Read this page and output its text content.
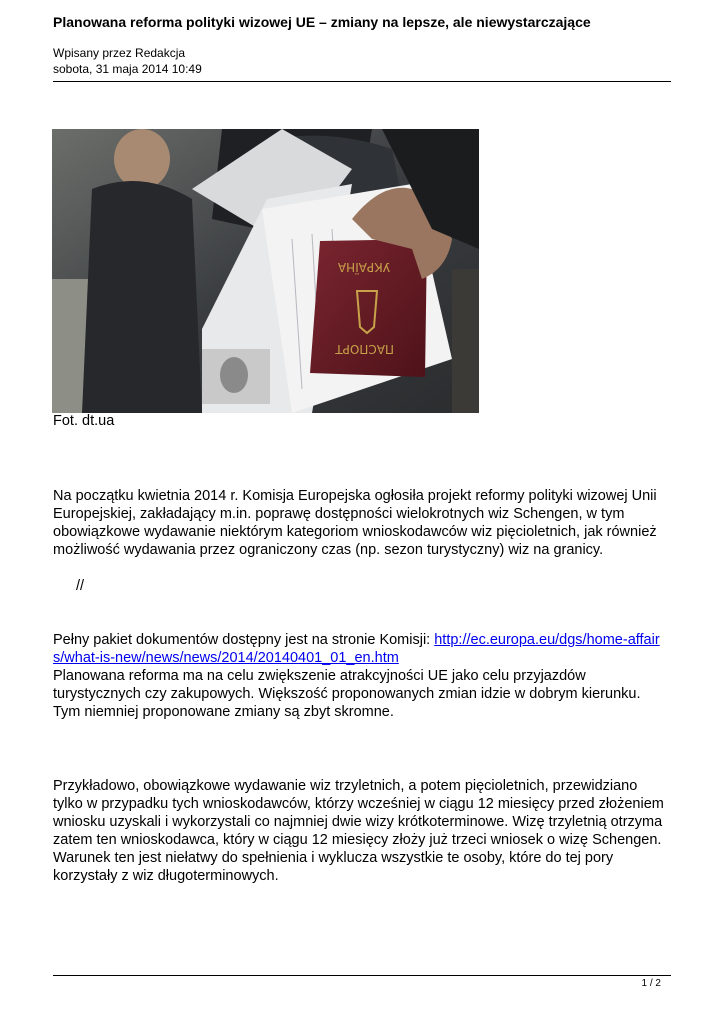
Planowana reforma polityki wizowej UE – zmiany na lepsze, ale niewystarczające
Wpisany przez Redakcja
sobota, 31 maja 2014 10:49
УКРАЇНА
ПАСПОРТ
Fot. dt.ua
Na początku kwietnia 2014 r. Komisja Europejska ogłosiła projekt reformy polityki wizowej Unii
Europejskiej, zakładający m.in. poprawę dostępności wielokrotnych wiz Schengen, w tym
obowiązkowe wydawanie niektórym kategoriom wnioskodawców wiz pięcioletnich, jak również
możliwość wydawania przez ograniczony czas (np. sezon turystyczny) wiz na granicy.
//
Pełny pakiet dokumentów dostępny jest na stronie Komisji: http://ec.europa.eu/dgs/home-affair
s/what-is-new/news/news/2014/20140401_01_en.htm
Planowana reforma ma na celu zwiększenie atrakcyjności UE jako celu przyjazdów
turystycznych czy zakupowych. Większość proponowanych zmian idzie w dobrym kierunku.
Tym niemniej proponowane zmiany są zbyt skromne.
Przykładowo, obowiązkowe wydawanie wiz trzyletnich, a potem pięcioletnich, przewidziano
tylko w przypadku tych wnioskodawców, którzy wcześniej w ciągu 12 miesięcy przed złożeniem
wniosku uzyskali i wykorzystali co najmniej dwie wizy krótkoterminowe. Wizę trzyletnią otrzyma
zatem ten wnioskodawca, który w ciągu 12 miesięcy złoży już trzeci wniosek o wizę Schengen.
Warunek ten jest niełatwy do spełnienia i wyklucza wszystkie te osoby, które do tej pory
korzystały z wiz długoterminowych.
1 / 2
